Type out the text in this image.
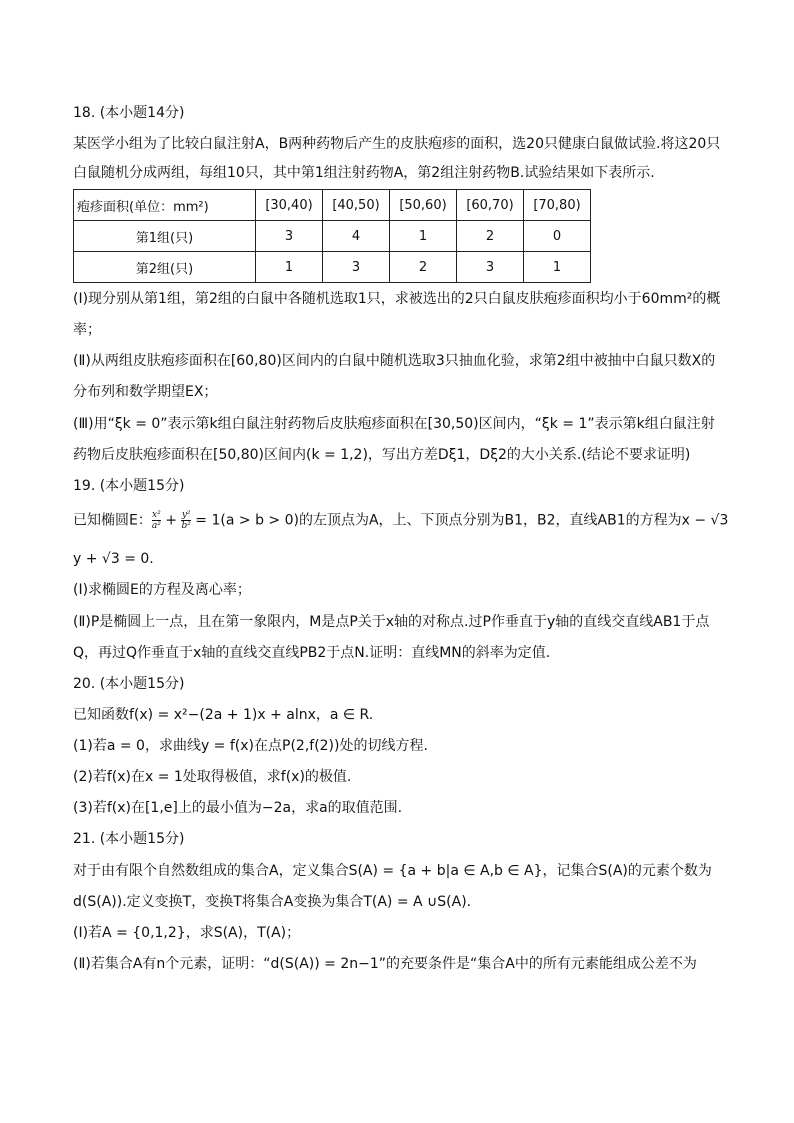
18. (本小题14分)
某医学小组为了比较白鼠注射A，B两种药物后产生的皮肤疱疹的面积，选20只健康白鼠做试验.将这20只
白鼠随机分成两组，每组10只，其中第1组注射药物A，第2组注射药物B.试验结果如下表所示.
疱疹面积(单位：mm²)	[30,40)	[40,50)	[50,60)	[60,70)	[70,80)
第1组(只)	3	4	1	2	0
第2组(只)	1	3	2	3	1
(Ⅰ)现分别从第1组，第2组的白鼠中各随机选取1只，求被选出的2只白鼠皮肤疱疹面积均小于60mm²的概
率；
(Ⅱ)从两组皮肤疱疹面积在[60,80)区间内的白鼠中随机选取3只抽血化验，求第2组中被抽中白鼠只数X的
分布列和数学期望EX；
(Ⅲ)用“ξk = 0”表示第k组白鼠注射药物后皮肤疱疹面积在[30,50)区间内，“ξk = 1”表示第k组白鼠注射
药物后皮肤疱疹面积在[50,80)区间内(k = 1,2)，写出方差Dξ1，Dξ2的大小关系.(结论不要求证明)
19. (本小题15分)
已知椭圆E： $\frac{\text{x²}}{\text{a²}} + \frac{\text{y²}}{\text{b²}} = 1(a > b > 0)$的左顶点为A，上、下顶点分别为B1，B2，直线AB1的方程为x − √3
y + √3 = 0.
(Ⅰ)求椭圆E的方程及离心率；
(Ⅱ)P是椭圆上一点，且在第一象限内，M是点P关于x轴的对称点.过P作垂直于y轴的直线交直线AB1于点
Q，再过Q作垂直于x轴的直线交直线PB2于点N.证明：直线MN的斜率为定值.
20. (本小题15分)
已知函数f(x) = x²−(2a + 1)x + alnx，a ∈ R.
(1)若a = 0，求曲线y = f(x)在点P(2,f(2))处的切线方程.
(2)若f(x)在x = 1处取得极值，求f(x)的极值.
(3)若f(x)在[1,e]上的最小值为−2a，求a的取值范围.
21. (本小题15分)
对于由有限个自然数组成的集合A，定义集合S(A) = {a + b|a ∈ A,b ∈ A}，记集合S(A)的元素个数为
d(S(A)).定义变换T，变换T将集合A变换为集合T(A) = A ∪S(A).
(Ⅰ)若A = {0,1,2}，求S(A)，T(A)；
(Ⅱ)若集合A有n个元素，证明：“d(S(A)) = 2n−1”的充要条件是“集合A中的所有元素能组成公差不为
